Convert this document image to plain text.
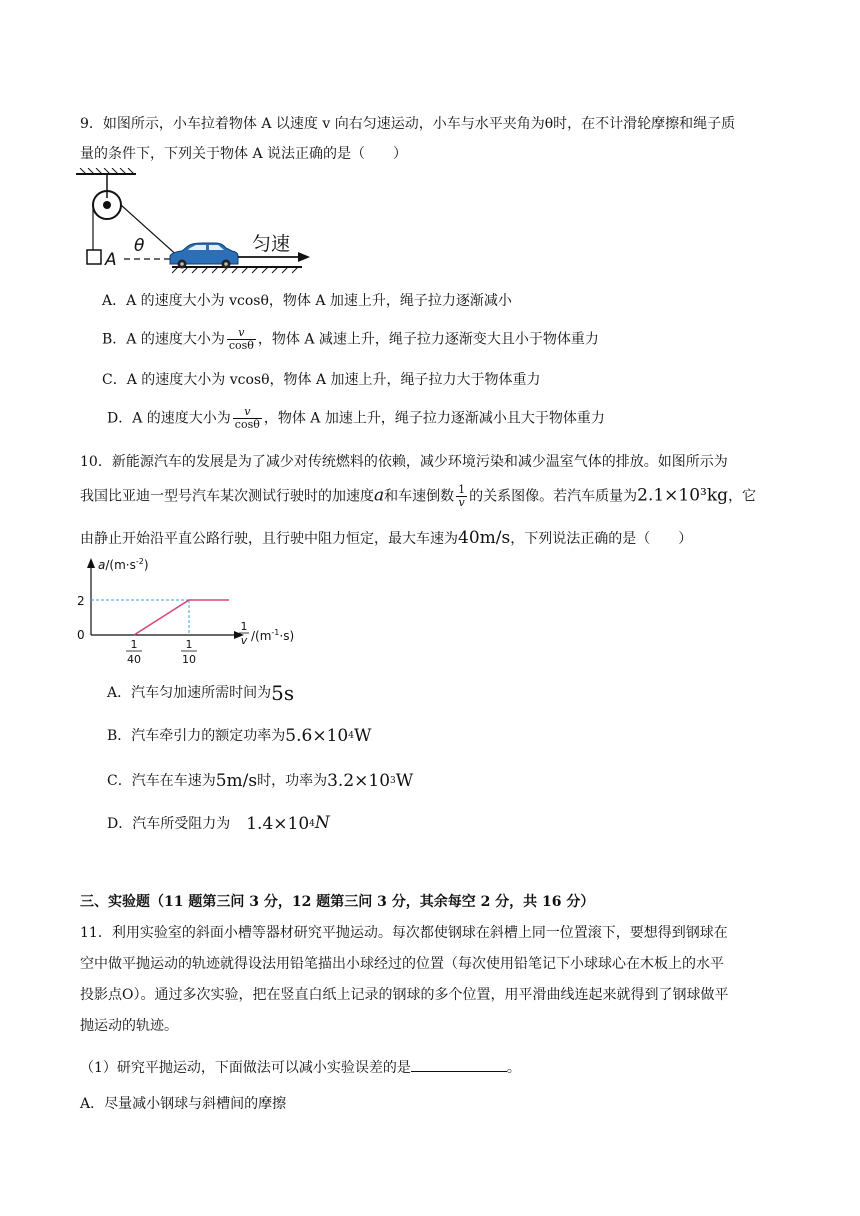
9．如图所示，小车拉着物体 A 以速度 v 向右匀速运动，小车与水平夹角为θ时，在不计滑轮摩擦和绳子质
量的条件下，下列关于物体 A 说法正确的是（　　）
A
θ	匀速
A．A 的速度大小为 vcosθ，物体 A 加速上升，绳子拉力逐渐减小
B．A 的速度大小为 $\frac{v}{\cos\theta}$ ，物体 A 减速上升，绳子拉力逐渐变大且小于物体重力
C．A 的速度大小为 vcosθ，物体 A 加速上升，绳子拉力大于物体重力
D．A 的速度大小为 $\frac{v}{\cos\theta}$ ，物体 A 加速上升，绳子拉力逐渐减小且大于物体重力
10．新能源汽车的发展是为了减少对传统燃料的依赖，减少环境污染和减少温室气体的排放。如图所示为
我国比亚迪一型号汽车某次测试行驶时的加速度a和车速倒数 $\frac{1}{v}$ 的关系图像。若汽车质量为2.1×10³kg，它
由静止开始沿平直公路行驶，且行驶中阻力恒定，最大车速为40m/s，下列说法正确的是（　　）
$a/(m\cdot s^{-2})$
2
0
1
40
1
10
1
v $/(m^{-1}\cdot s)$
A．汽车匀加速所需时间为5s
B．汽车牵引力的额定功率为5.6×104W
C．汽车在车速为5m/s时，功率为3.2×103W
D．汽车所受阻力为 1.4×104N
三、实验题（11 题第三问 3 分，12 题第三问 3 分，其余每空 2 分，共 16 分）
11．利用实验室的斜面小槽等器材研究平抛运动。每次都使钢球在斜槽上同一位置滚下，要想得到钢球在
空中做平抛运动的轨迹就得设法用铅笔描出小球经过的位置（每次使用铅笔记下小球球心在木板上的水平
投影点O）。通过多次实验，把在竖直白纸上记录的钢球的多个位置，用平滑曲线连起来就得到了钢球做平
抛运动的轨迹。
（1）研究平抛运动，下面做法可以减小实验误差的是	。
A．尽量减小钢球与斜槽间的摩擦
